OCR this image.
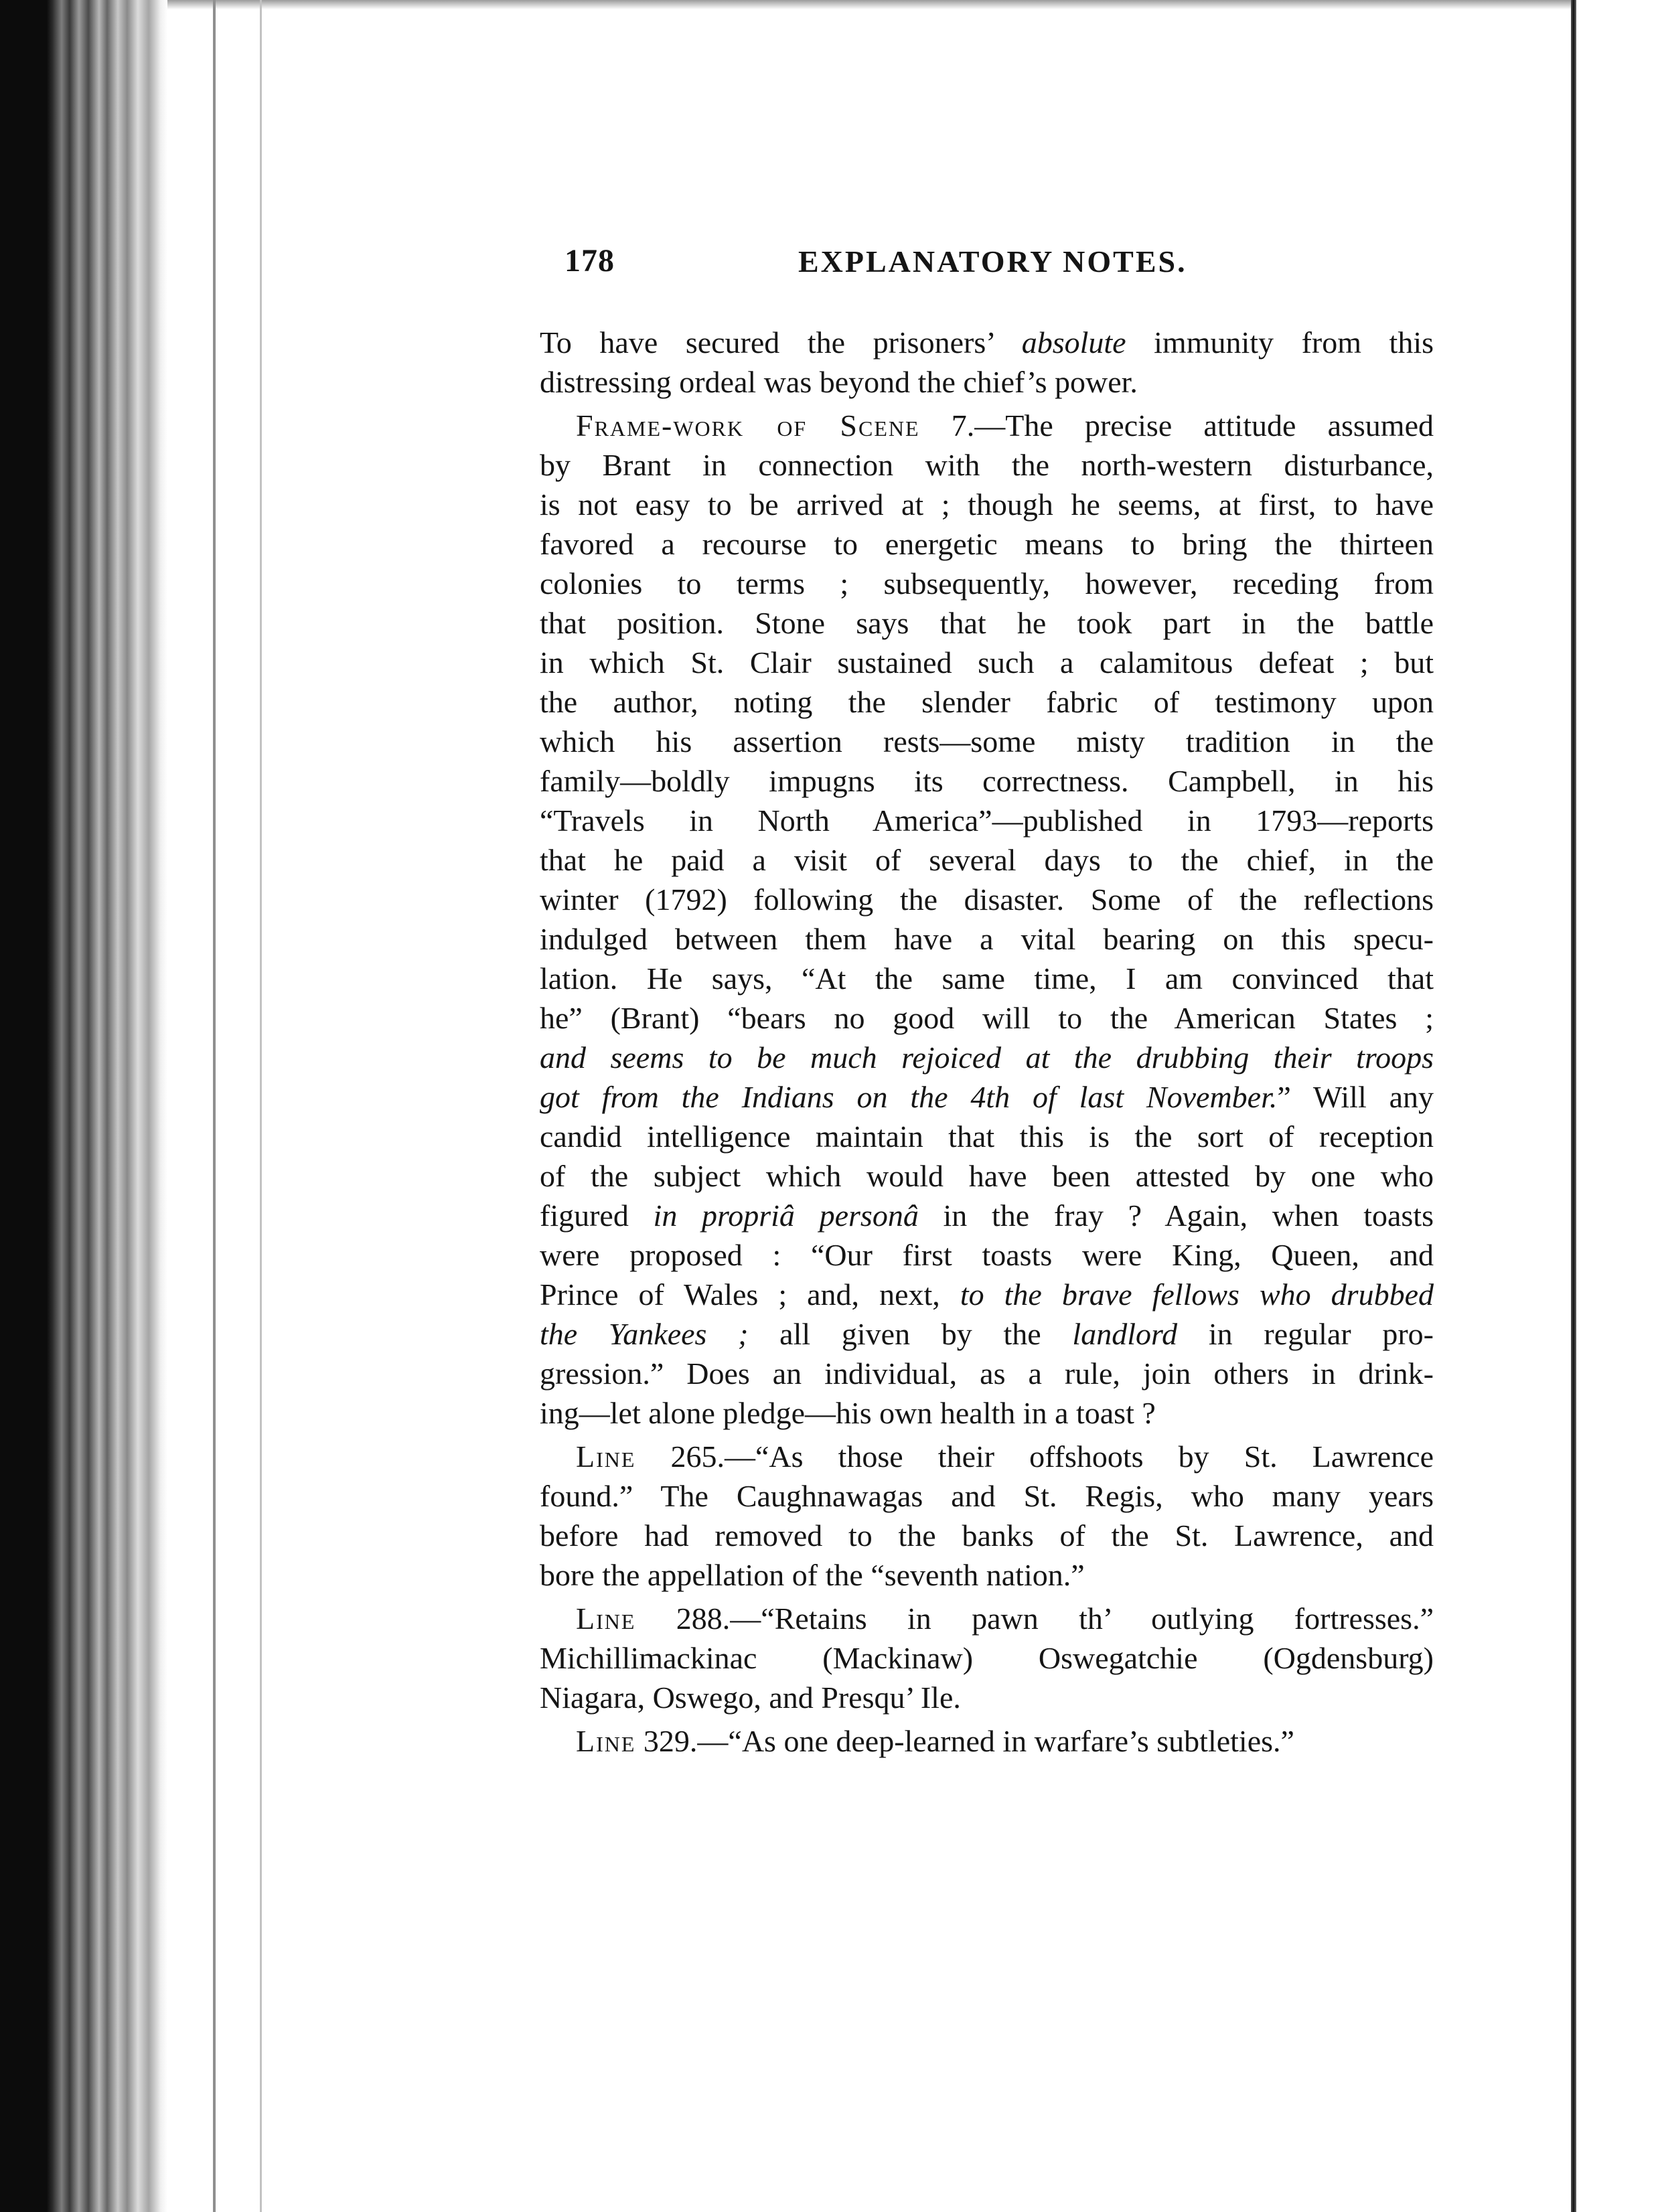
178	EXPLANATORY NOTES.
To have secured the prisoners’ absolute immunity from this
distressing ordeal was beyond the chief’s power.
Frame-work of Scene 7.—The precise attitude assumed
by Brant in connection with the north-western disturbance,
is not easy to be arrived at ; though he seems, at first, to have
favored a recourse to energetic means to bring the thirteen
colonies to terms ; subsequently, however, receding from
that position. Stone says that he took part in the battle
in which St. Clair sustained such a calamitous defeat ; but
the author, noting the slender fabric of testimony upon
which his assertion rests—some misty tradition in the
family—boldly impugns its correctness. Campbell, in his
“Travels in North America”—published in 1793—reports
that he paid a visit of several days to the chief, in the
winter (1792) following the disaster. Some of the reflections
indulged between them have a vital bearing on this specu-
lation. He says, “At the same time, I am convinced that
he” (Brant) “bears no good will to the American States ;
and seems to be much rejoiced at the drubbing their troops
got from the Indians on the 4th of last November.” Will any
candid intelligence maintain that this is the sort of reception
of the subject which would have been attested by one who
figured in propriâ personâ in the fray ? Again, when toasts
were proposed : “Our first toasts were King, Queen, and
Prince of Wales ; and, next, to the brave fellows who drubbed
the Yankees ; all given by the landlord in regular pro-
gression.” Does an individual, as a rule, join others in drink-
ing—let alone pledge—his own health in a toast ?
Line 265.—“As those their offshoots by St. Lawrence
found.” The Caughnawagas and St. Regis, who many years
before had removed to the banks of the St. Lawrence, and
bore the appellation of the “seventh nation.”
Line 288.—“Retains in pawn th’ outlying fortresses.”
Michillimackinac (Mackinaw) Oswegatchie (Ogdensburg)
Niagara, Oswego, and Presqu’ Ile.
Line 329.—“As one deep-learned in warfare’s subtleties.”
